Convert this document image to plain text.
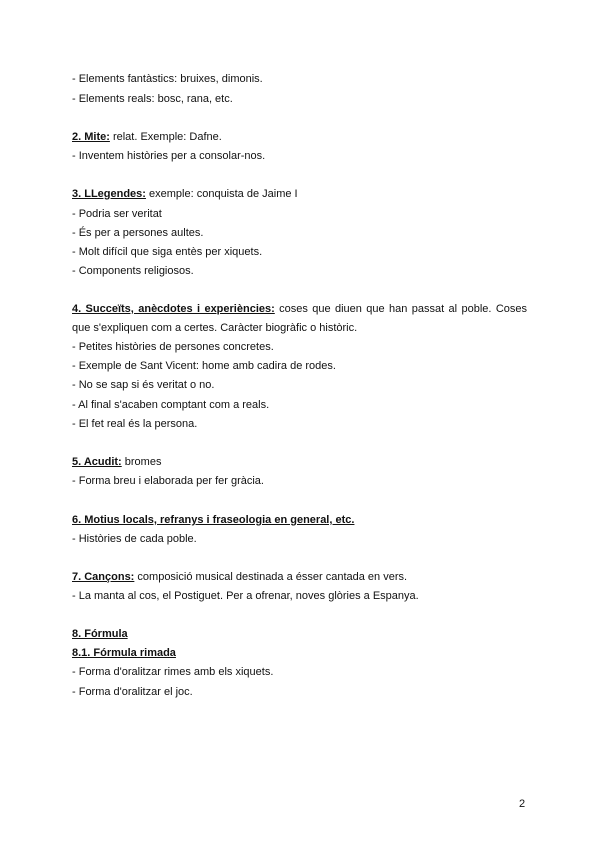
- Elements fantàstics: bruixes, dimonis.
- Elements reals: bosc, rana, etc.
2. Mite: relat. Exemple: Dafne.
- Inventem històries per a consolar-nos.
3. LLegendes: exemple: conquista de Jaime I
- Podria ser veritat
- És per a persones aultes.
- Molt difícil que siga entès per xiquets.
- Components religiosos.
4. Succeïts, anècdotes i experiències: coses que diuen que han passat al poble. Coses
que s'expliquen com a certes. Caràcter biogràfic o històric.
- Petites històries de persones concretes.
- Exemple de Sant Vicent: home amb cadira de rodes.
- No se sap si és veritat o no.
- Al final s'acaben comptant com a reals.
- El fet real és la persona.
5. Acudit: bromes
- Forma breu i elaborada per fer gràcia.
6. Motius locals, refranys i fraseologia en general, etc.
- Històries de cada poble.
7. Cançons: composició musical destinada a ésser cantada en vers.
- La manta al cos, el Postiguet. Per a ofrenar, noves glòries a Espanya.
8. Fórmula
8.1. Fórmula rimada
- Forma d'oralitzar rimes amb els xiquets.
- Forma d'oralitzar el joc.
2
